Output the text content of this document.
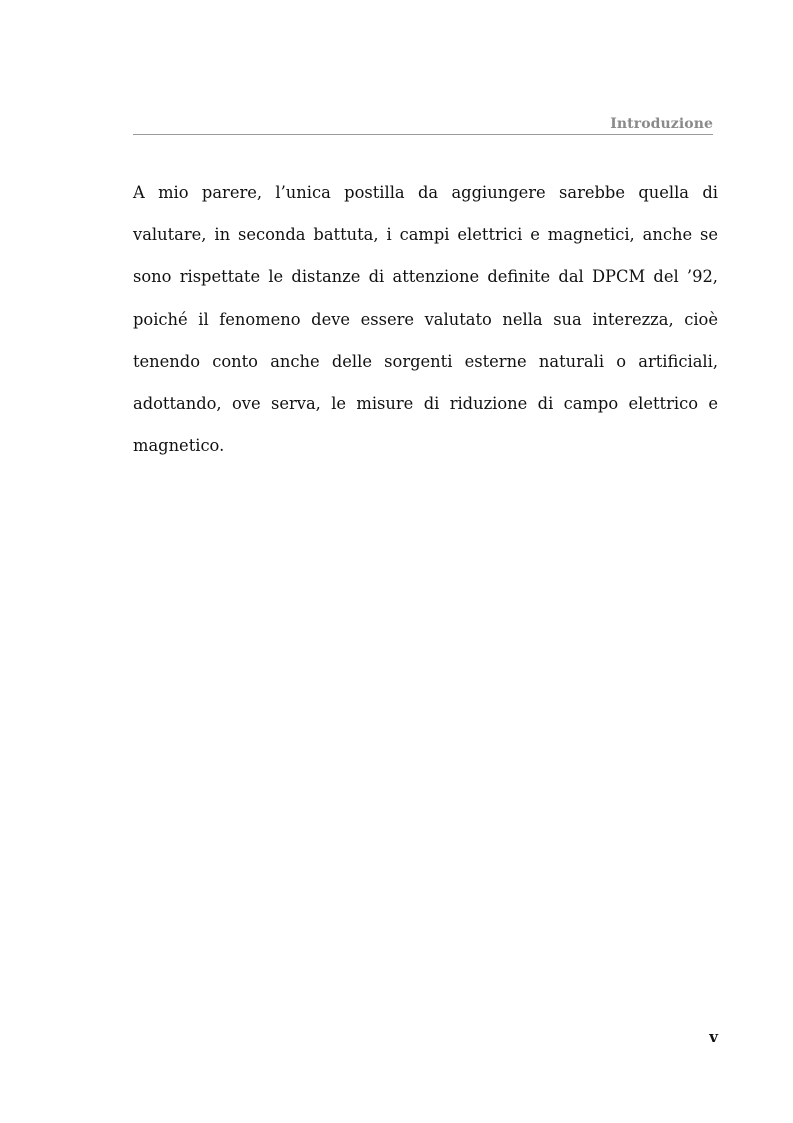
Introduzione

A mio parere, l’unica postilla da aggiungere sarebbe quella di valutare, in seconda battuta, i campi elettrici e magnetici, anche se sono rispettate le distanze di attenzione definite dal DPCM del ’92, poiché il fenomeno deve essere valutato nella sua interezza, cioè tenendo conto anche delle sorgenti esterne naturali o artificiali, adottando, ove serva, le misure di riduzione di campo elettrico e magnetico.

v
